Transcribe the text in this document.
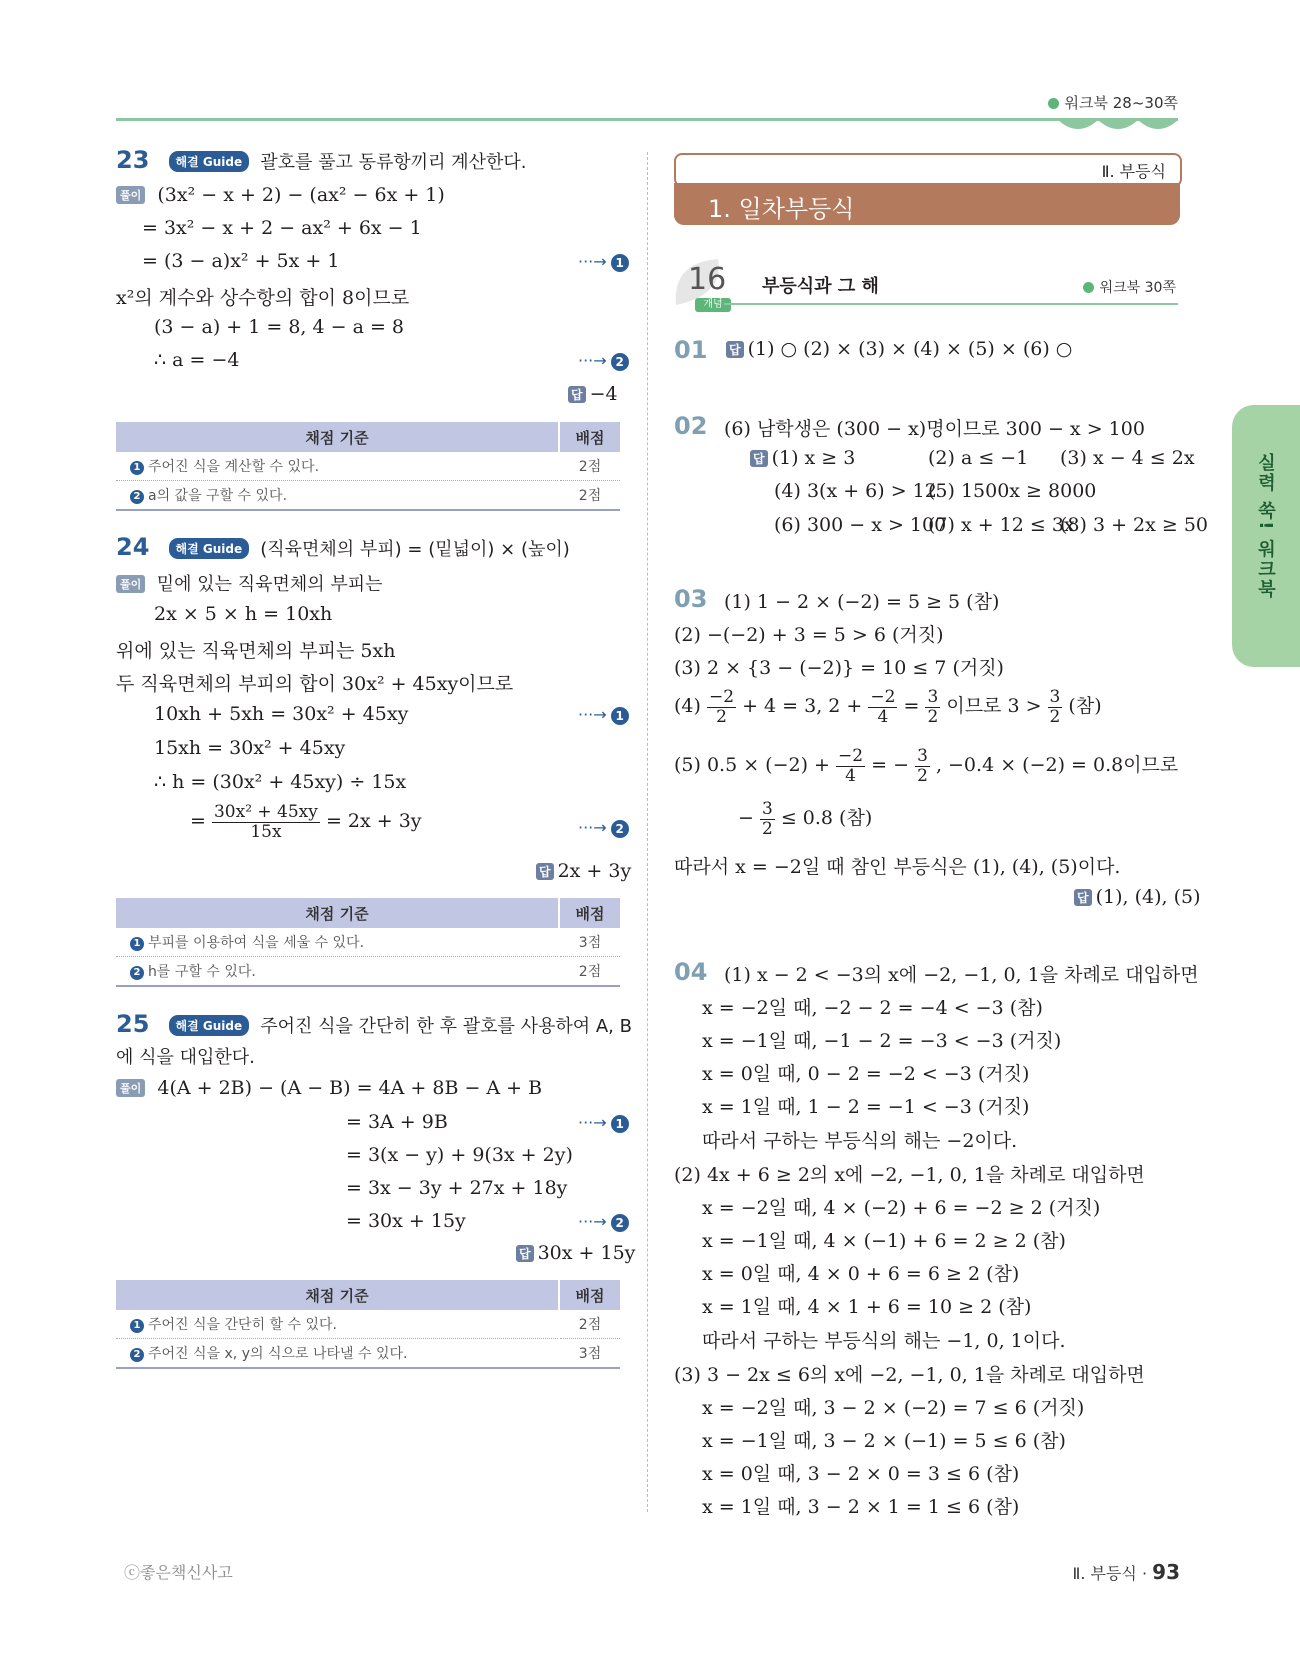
워크북 28~30쪽
23 해결 Guide 괄호를 풀고 동류항끼리 계산한다.
풀이 (3x² − x + 2) − (ax² − 6x + 1)
= 3x² − x + 2 − ax² + 6x − 1
= (3 − a)x² + 5x + 1	···→ 1
x²의 계수와 상수항의 합이 8이므로
(3 − a) + 1 = 8, 4 − a = 8
∴ a = −4	···→ 2
답 −4
채점 기준	배점
1 주어진 식을 계산할 수 있다.	2점
2 a의 값을 구할 수 있다.	2점
24 해결 Guide (직육면체의 부피) = (밑넓이) × (높이)
풀이 밑에 있는 직육면체의 부피는
2x × 5 × h = 10xh
위에 있는 직육면체의 부피는 5xh
두 직육면체의 부피의 합이 30x² + 45xy이므로
10xh + 5xh = 30x² + 45xy	···→ 1
15xh = 30x² + 45xy
∴ h = (30x² + 45xy) ÷ 15x
= $\frac{\text{30x² + 45xy}}{15x} = 2x + 3y$	···→ 2
답 2x + 3y
채점 기준	배점
1 부피를 이용하여 식을 세울 수 있다.	3점
2 h를 구할 수 있다.	2점
25 해결 Guide 주어진 식을 간단히 한 후 괄호를 사용하여 A, B
에 식을 대입한다.
풀이 4(A + 2B) − (A − B) = 4A + 8B − A + B
= 3A + 9B	···→ 1
= 3(x − y) + 9(3x + 2y)
= 3x − 3y + 27x + 18y
= 30x + 15y	···→ 2
답 30x + 15y
채점 기준	배점
1 주어진 식을 간단히 할 수 있다.	2점
2 주어진 식을 x, y의 식으로 나타낼 수 있다.	3점
Ⅱ. 부등식
1. 일차부등식
16
개념
부등식과 그 해	워크북 30쪽
01 답 (1) ○ (2) × (3) × (4) × (5) × (6) ○
02 (6) 남학생은 (300 − x)명이므로 300 − x > 100
답 (1) x ≥ 3	(2) a ≤ −1 (3) x − 4 ≤ 2x
(4) 3(x + 6) > 12
(5) 1500x ≥ 8000
(6) 300 − x > 100
(7) x + 12 ≤ 3x
(8) 3 + 2x ≥ 50
03 (1) 1 − 2 × (−2) = 5 ≥ 5 (참)
(2) −(−2) + 3 = 5 > 6 (거짓)
(3) 2 × {3 − (−2)} = 10 ≤ 7 (거짓)
$(4) \frac{-2}{2} + 4 = 3$, $2 + \frac{-2}{4} = \frac{3}{2}$ 이므로 $3 > \frac{3}{2}$ (참)
(5) $0.5 \times (-2) + \frac{-2}{4}$ = − $\frac{3}{2}$ , −0.4 × (−2) = 0.8이므로
− $\frac{3}{2} \le 0.8$ (참)
따라서 x = −2일 때 참인 부등식은 (1), (4), (5)이다.
답 (1), (4), (5)
04 (1) x − 2 < −3의 x에 −2, −1, 0, 1을 차례로 대입하면
x = −2일 때, −2 − 2 = −4 < −3 (참)
x = −1일 때, −1 − 2 = −3 < −3 (거짓)
x = 0일 때, 0 − 2 = −2 < −3 (거짓)
x = 1일 때, 1 − 2 = −1 < −3 (거짓)
따라서 구하는 부등식의 해는 −2이다.
(2) 4x + 6 ≥ 2의 x에 −2, −1, 0, 1을 차례로 대입하면
x = −2일 때, 4 × (−2) + 6 = −2 ≥ 2 (거짓)
x = −1일 때, 4 × (−1) + 6 = 2 ≥ 2 (참)
x = 0일 때, 4 × 0 + 6 = 6 ≥ 2 (참)
x = 1일 때, 4 × 1 + 6 = 10 ≥ 2 (참)
따라서 구하는 부등식의 해는 −1, 0, 1이다.
(3) 3 − 2x ≤ 6의 x에 −2, −1, 0, 1을 차례로 대입하면
x = −2일 때, 3 − 2 × (−2) = 7 ≤ 6 (거짓)
x = −1일 때, 3 − 2 × (−1) = 5 ≤ 6 (참)
x = 0일 때, 3 − 2 × 0 = 3 ≤ 6 (참)
x = 1일 때, 3 − 2 × 1 = 1 ≤ 6 (참)
실력 쑥! 워크북
ⓒ좋은책신사고	Ⅱ. 부등식 · 93
